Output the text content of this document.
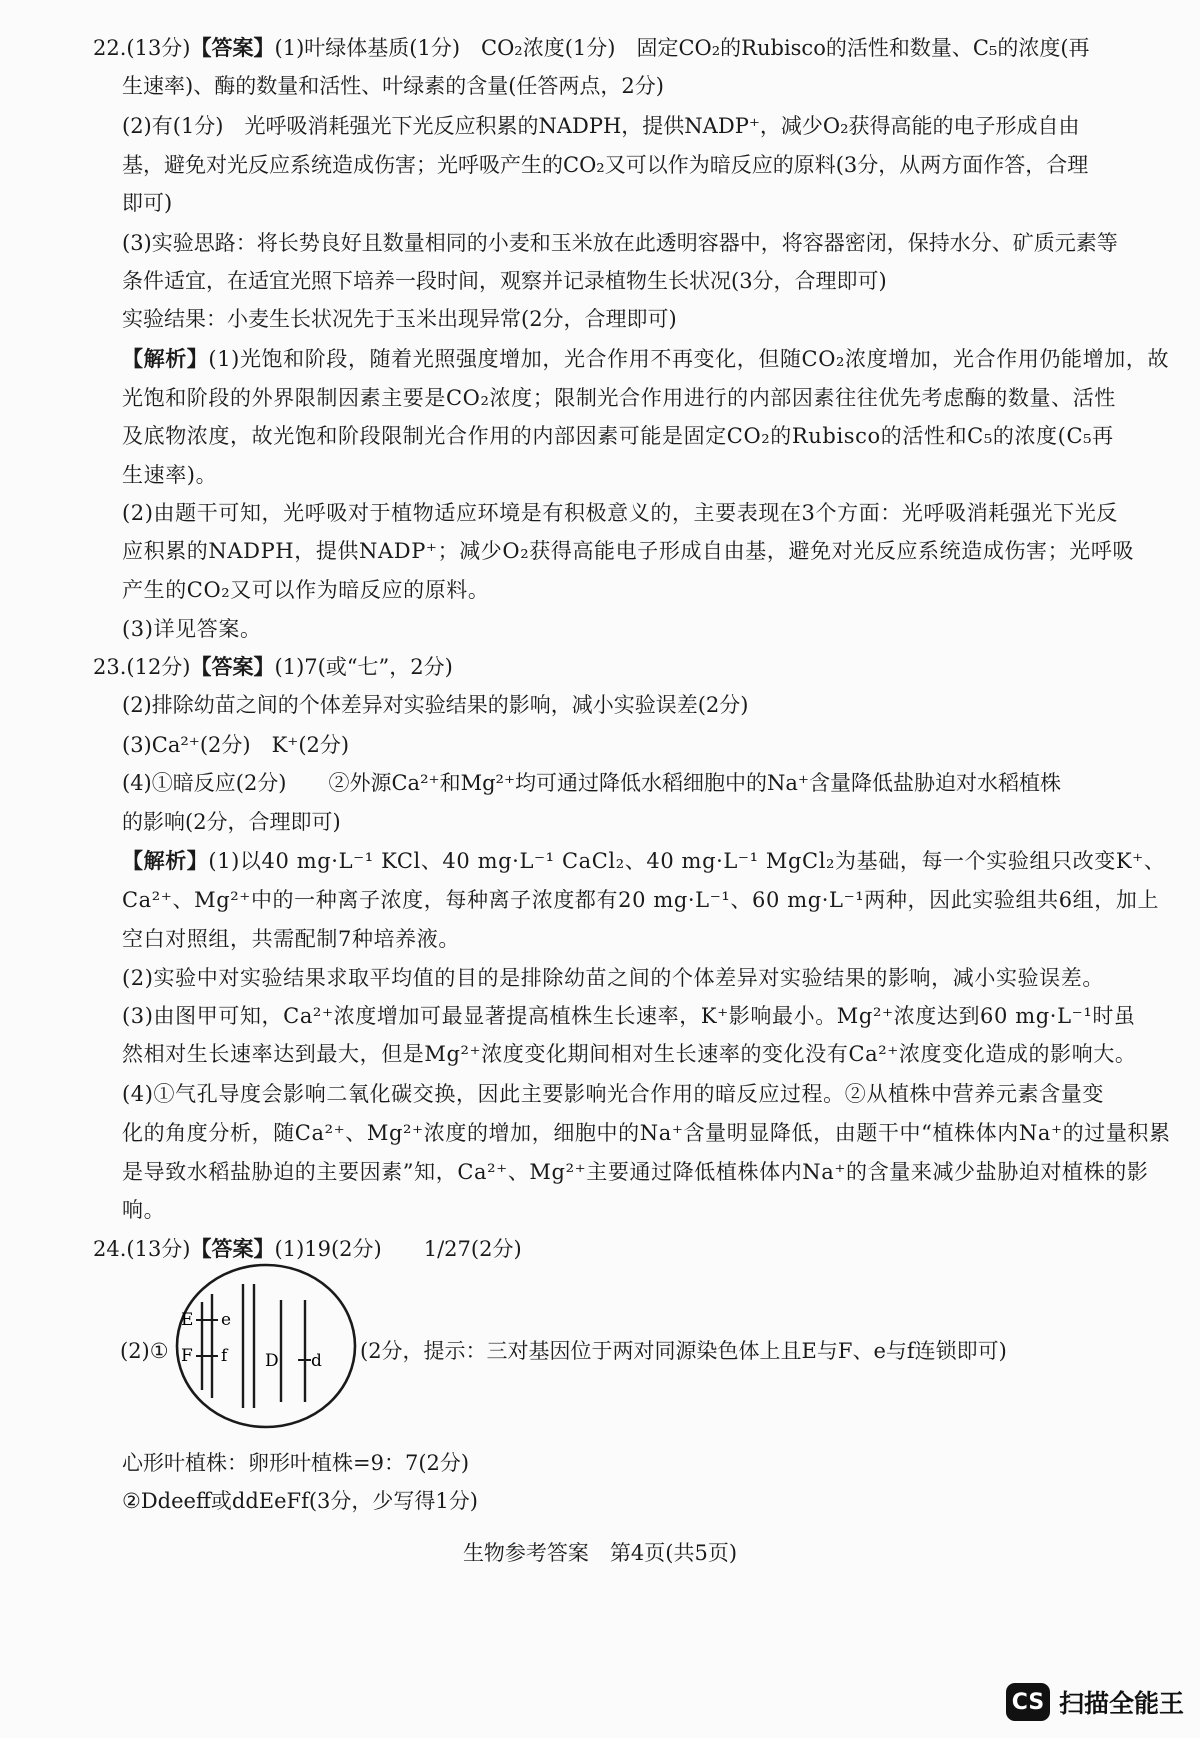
22.(13分)【答案】(1)叶绿体基质(1分)　CO₂浓度(1分)　固定CO₂的Rubisco的活性和数量、C₅的浓度(再
生速率)、酶的数量和活性、叶绿素的含量(任答两点，2分)
(2)有(1分)　光呼吸消耗强光下光反应积累的NADPH，提供NADP⁺，减少O₂获得高能的电子形成自由
基，避免对光反应系统造成伤害；光呼吸产生的CO₂又可以作为暗反应的原料(3分，从两方面作答，合理
即可)
(3)实验思路：将长势良好且数量相同的小麦和玉米放在此透明容器中，将容器密闭，保持水分、矿质元素等
条件适宜，在适宜光照下培养一段时间，观察并记录植物生长状况(3分，合理即可)
实验结果：小麦生长状况先于玉米出现异常(2分，合理即可)
【解析】(1)光饱和阶段，随着光照强度增加，光合作用不再变化，但随CO₂浓度增加，光合作用仍能增加，故
光饱和阶段的外界限制因素主要是CO₂浓度；限制光合作用进行的内部因素往往优先考虑酶的数量、活性
及底物浓度，故光饱和阶段限制光合作用的内部因素可能是固定CO₂的Rubisco的活性和C₅的浓度(C₅再
生速率)。
(2)由题干可知，光呼吸对于植物适应环境是有积极意义的，主要表现在3个方面：光呼吸消耗强光下光反
应积累的NADPH，提供NADP⁺；减少O₂获得高能电子形成自由基，避免对光反应系统造成伤害；光呼吸
产生的CO₂又可以作为暗反应的原料。
(3)详见答案。
23.(12分)【答案】(1)7(或“七”，2分)
(2)排除幼苗之间的个体差异对实验结果的影响，减小实验误差(2分)
(3)Ca²⁺(2分)　K⁺(2分)
(4)①暗反应(2分)　　②外源Ca²⁺和Mg²⁺均可通过降低水稻细胞中的Na⁺含量降低盐胁迫对水稻植株
的影响(2分，合理即可)
【解析】(1)以40 mg·L⁻¹ KCl、40 mg·L⁻¹ CaCl₂、40 mg·L⁻¹ MgCl₂为基础，每一个实验组只改变K⁺、
Ca²⁺、Mg²⁺中的一种离子浓度，每种离子浓度都有20 mg·L⁻¹、60 mg·L⁻¹两种，因此实验组共6组，加上
空白对照组，共需配制7种培养液。
(2)实验中对实验结果求取平均值的目的是排除幼苗之间的个体差异对实验结果的影响，减小实验误差。
(3)由图甲可知，Ca²⁺浓度增加可最显著提高植株生长速率，K⁺影响最小。Mg²⁺浓度达到60 mg·L⁻¹时虽
然相对生长速率达到最大，但是Mg²⁺浓度变化期间相对生长速率的变化没有Ca²⁺浓度变化造成的影响大。
(4)①气孔导度会影响二氧化碳交换，因此主要影响光合作用的暗反应过程。②从植株中营养元素含量变
化的角度分析，随Ca²⁺、Mg²⁺浓度的增加，细胞中的Na⁺含量明显降低，由题干中“植株体内Na⁺的过量积累
是导致水稻盐胁迫的主要因素”知，Ca²⁺、Mg²⁺主要通过降低植株体内Na⁺的含量来减少盐胁迫对植株的影
响。
24.(13分)【答案】(1)19(2分)　　1/27(2分)
(2)①
E e
F f D d (2分，提示：三对基因位于两对同源染色体上且E与F、e与f连锁即可)
心形叶植株：卵形叶植株=9：7(2分)
②Ddeeff或ddEeFf(3分，少写得1分)
生物参考答案　第4页(共5页)
CS 扫描全能王
